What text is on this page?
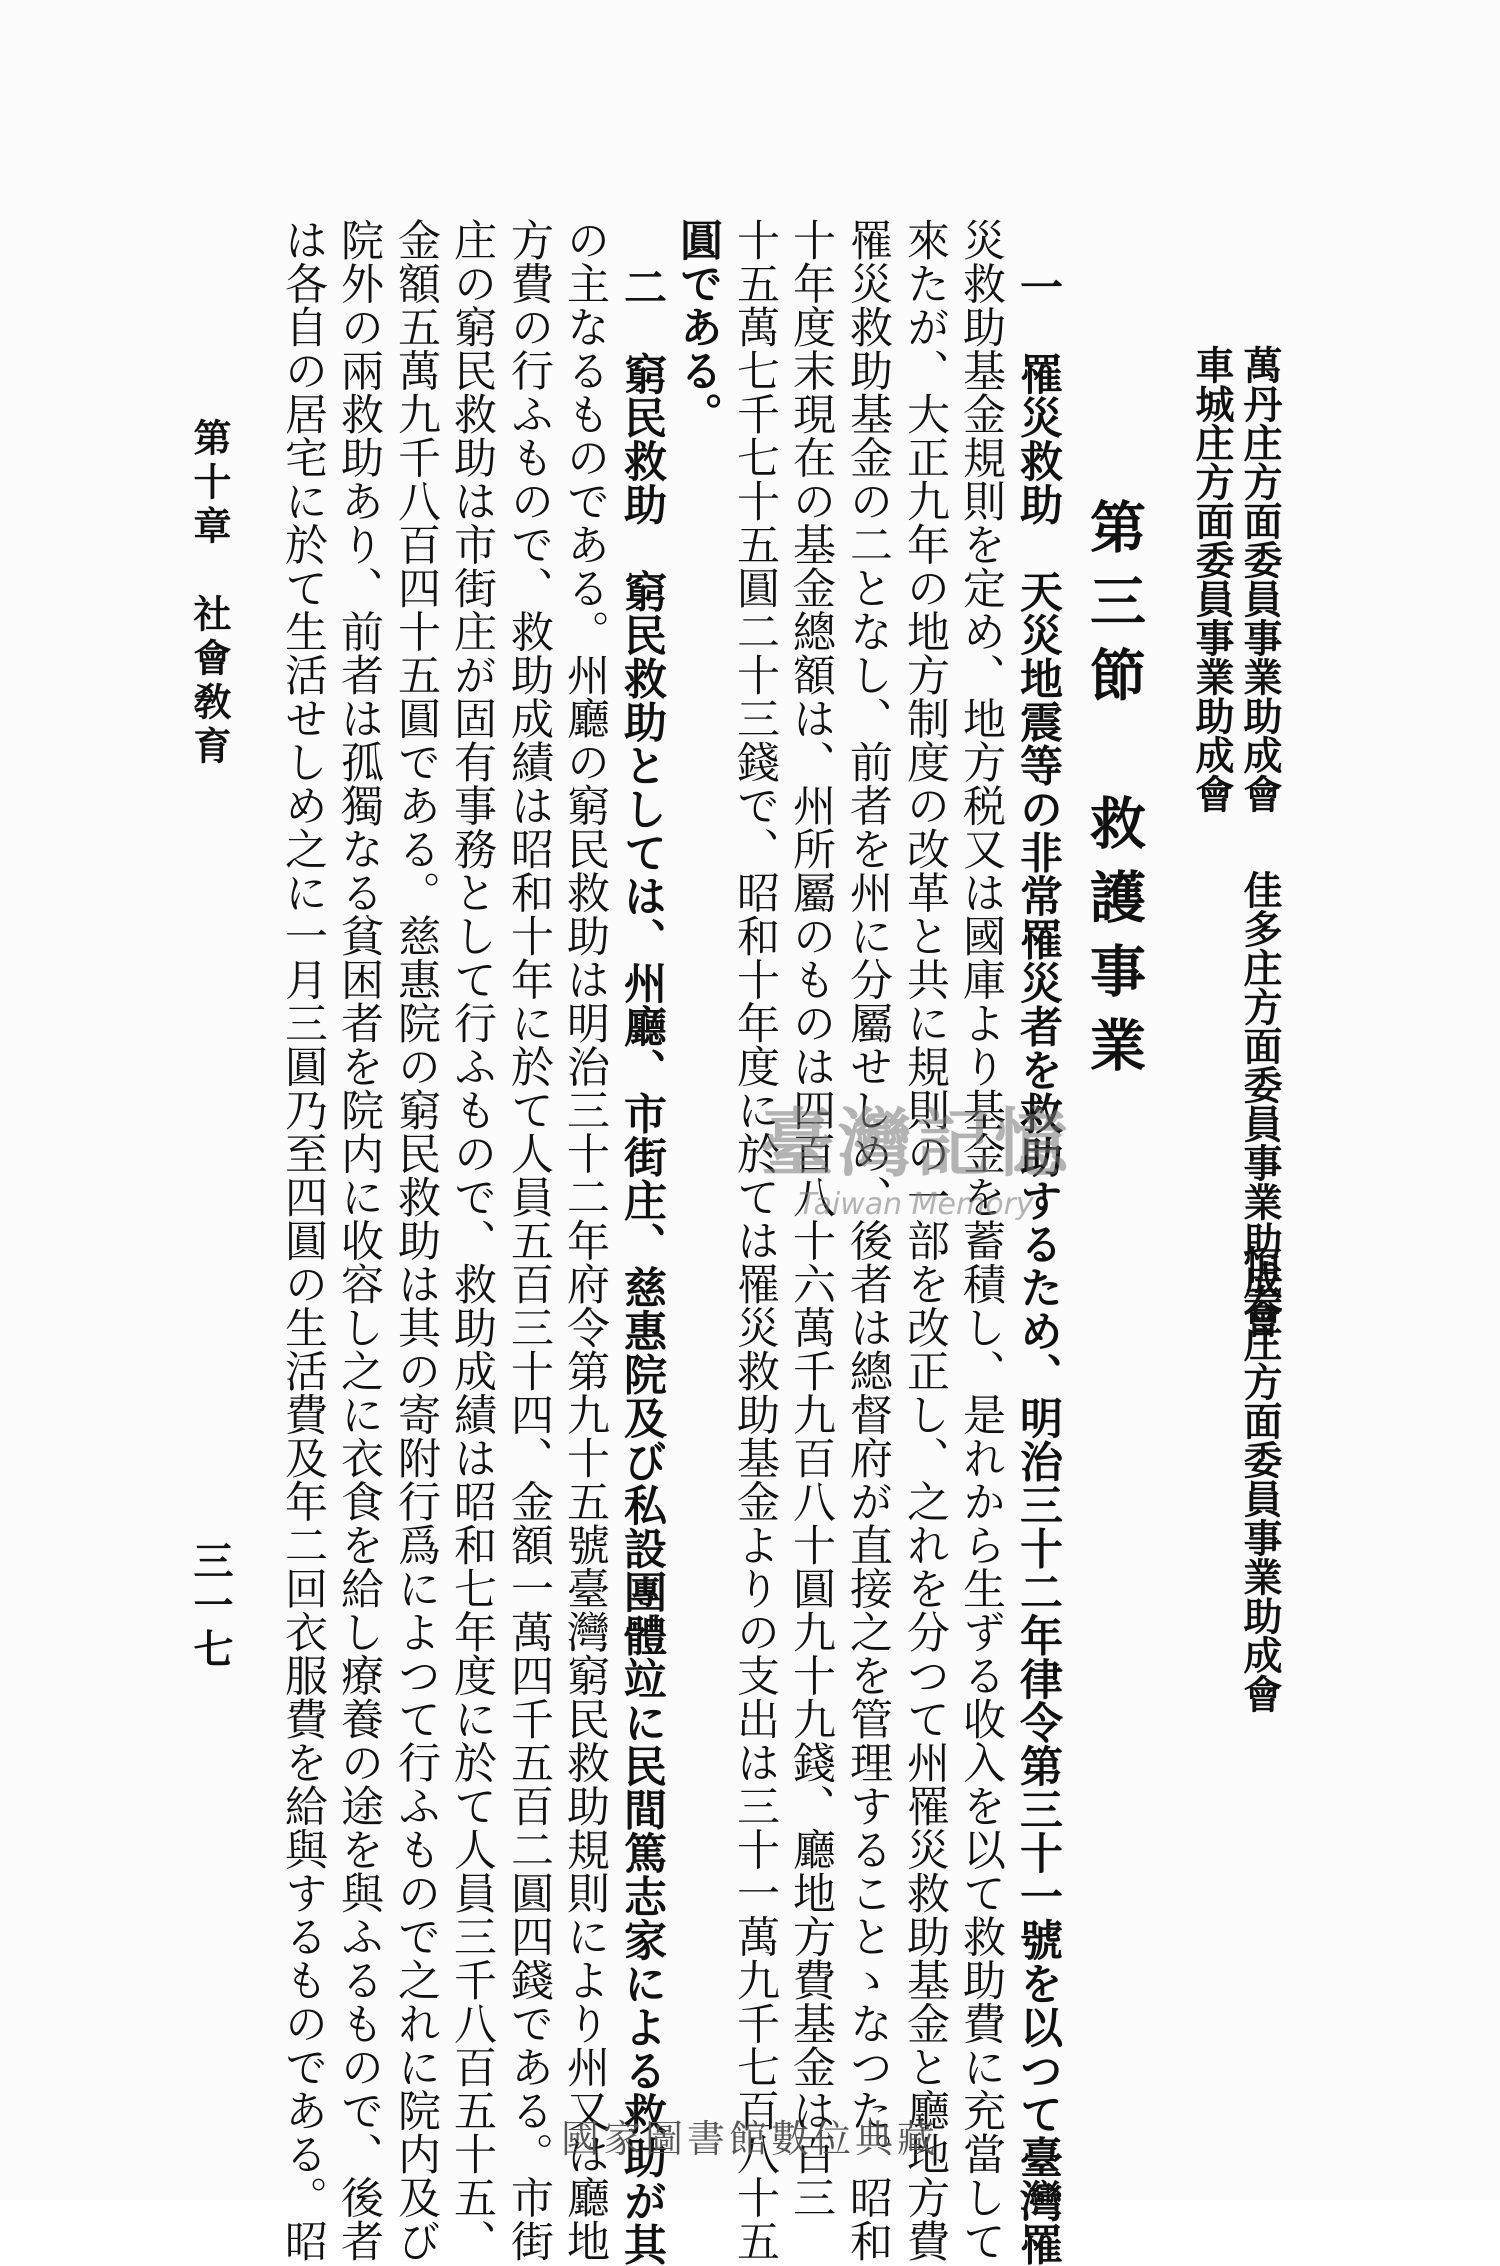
萬丹庄方面委員事業助成會
車城庄方面委員事業助成會
佳多庄方面委員事業助成會
恒春庄方面委員事業助成會
第三節　救護事業
一　罹災救助　天災地震等の非常罹災者を救助するため、明治三十二年律令第三十一號を以つて臺灣罹
災救助基金規則を定め、地方税又は國庫より基金を蓄積し、是れから生ずる收入を以て救助費に充當して
來たが、大正九年の地方制度の改革と共に規則の一部を改正し、之れを分つて州罹災救助基金と廳地方費
罹災救助基金の二となし、前者を州に分屬せしめ、後者は總督府が直接之を管理することゝなつた。昭和
十年度末現在の基金總額は、州所屬のものは四百八十六萬千九百八十圓九十九錢、廳地方費基金は百三
十五萬七千七十五圓二十三錢で、昭和十年度に於ては罹災救助基金よりの支出は三十一萬九千七百八十五
圓である。
二　窮民救助　窮民救助としては、州廳、市街庄、慈惠院及び私設團體竝に民間篤志家による救助が其
の主なるものである。州廳の窮民救助は明治三十二年府令第九十五號臺灣窮民救助規則により州又は廳地
方費の行ふもので、救助成績は昭和十年に於て人員五百三十四、金額一萬四千五百二圓四錢である。市街
庄の窮民救助は市街庄が固有事務として行ふもので、救助成績は昭和七年度に於て人員三千八百五十五、
金額五萬九千八百四十五圓である。慈惠院の窮民救助は其の寄附行爲によつて行ふもので之れに院内及び
院外の兩救助あり、前者は孤獨なる貧困者を院内に收容し之に衣食を給し療養の途を與ふるもので、後者
は各自の居宅に於て生活せしめ之に一月三圓乃至四圓の生活費及年二回衣服費を給與するものである。昭
第十章　社會敎育
三一七
臺灣記憶
Taiwan Memory
國家圖書館數位典藏
